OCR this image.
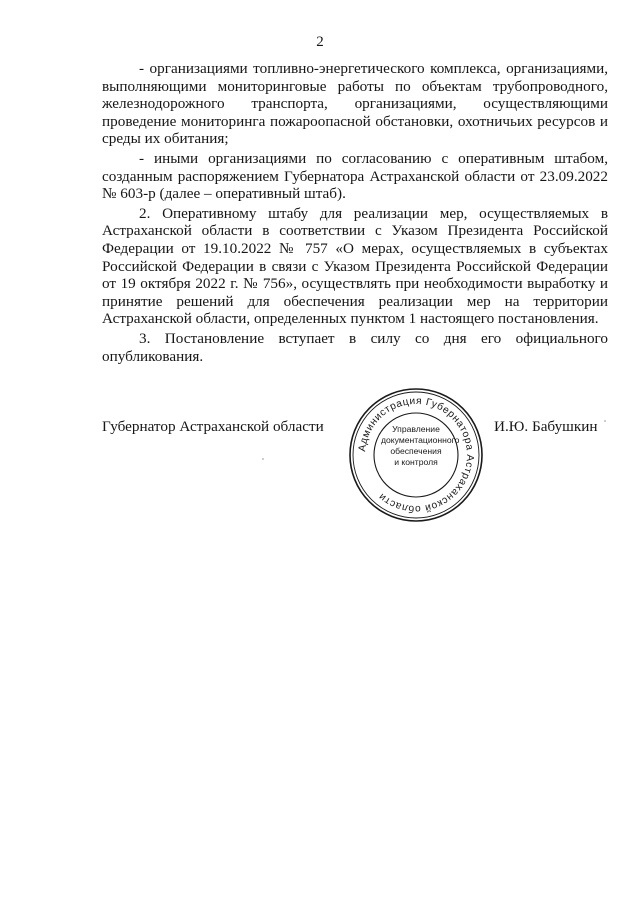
2

- организациями топливно-энергетического комплекса, организациями, выполняющими мониторинговые работы по объектам трубопроводного, железнодорожного транспорта, организациями, осуществляющими проведение мониторинга пожароопасной обстановки, охотничьих ресурсов и среды их обитания;

- иными организациями по согласованию с оперативным штабом, созданным распоряжением Губернатора Астраханской области от 23.09.2022 № 603-р (далее – оперативный штаб).

2. Оперативному штабу для реализации мер, осуществляемых в Астраханской области в соответствии с Указом Президента Российской Федерации от 19.10.2022 № 757 «О мерах, осуществляемых в субъектах Российской Федерации в связи с Указом Президента Российской Федерации от 19 октября 2022 г. № 756», осуществлять при необходимости выработку и принятие решений для обеспечения реализации мер на территории Астраханской области, определенных пунктом 1 настоящего постановления.

3. Постановление вступает в силу со дня его официального опубликования.

Губернатор Астраханской области
Администрация Губернатора Астраханской области
Управление
документационного
обеспечения
и контроля
И.Ю. Бабушкин
